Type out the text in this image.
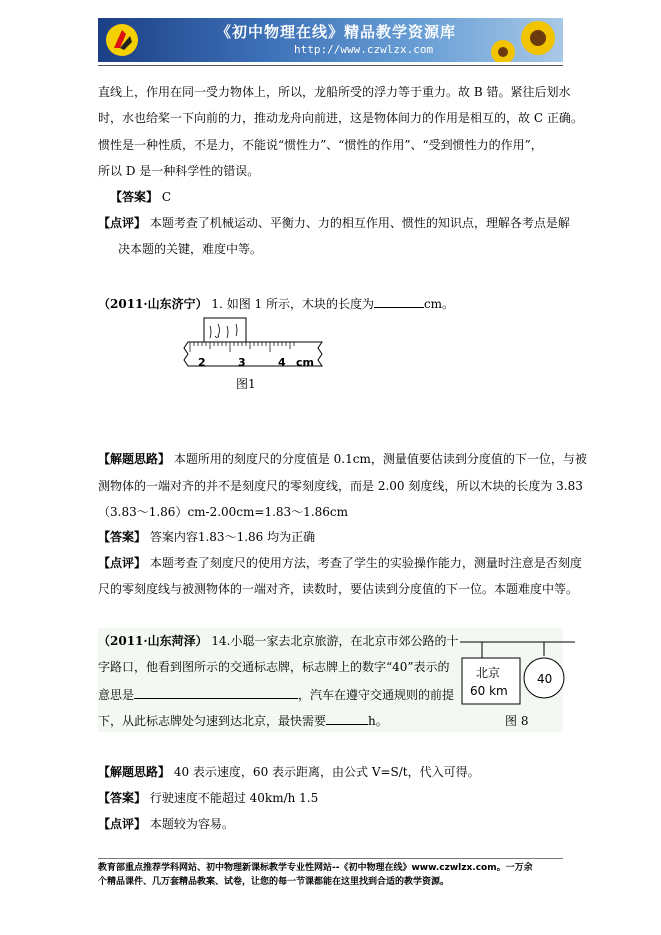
《初中物理在线》精品教学资源库
http://www.czwlzx.com
直线上，作用在同一受力物体上，所以，龙船所受的浮力等于重力。故 B 错。紧往后划水
时，水也给桨一下向前的力，推动龙舟向前进，这是物体间力的作用是相互的，故 C 正确。
惯性是一种性质，不是力，不能说“惯性力”、“惯性的作用”、“受到惯性力的作用”，
所以 D 是一种科学性的错误。
【答案】 C
【点评】 本题考查了机械运动、平衡力、力的相互作用、惯性的知识点，理解各考点是解
决本题的关键，难度中等。
（2011·山东济宁） 1. 如图 1 所示，木块的长度为	cm。
2	3	4 cm
图1
【解题思路】 本题所用的刻度尺的分度值是 0.1cm，测量值要估读到分度值的下一位，与被
测物体的一端对齐的并不是刻度尺的零刻度线，而是 2.00 刻度线，所以木块的长度为 3.83
（3.83～1.86）cm-2.00cm=1.83～1.86cm
【答案】 答案内容1.83～1.86 均为正确
【点评】 本题考查了刻度尺的使用方法，考查了学生的实验操作能力，测量时注意是否刻度
尺的零刻度线与被测物体的一端对齐，读数时，要估读到分度值的下一位。本题难度中等。
（2011·山东菏泽） 14.小聪一家去北京旅游，在北京市郊公路的十
字路口，他看到图所示的交通标志牌，标志牌上的数字“40”表示的
意思是	，汽车在遵守交通规则的前提
下，从此标志牌处匀速到达北京，最快需要	h。
北京
60 km
40
图 8
【解题思路】 40 表示速度，60 表示距离，由公式 V=S/t，代入可得。
【答案】 行驶速度不能超过 40km/h 1.5
【点评】 本题较为容易。
教育部重点推荐学科网站、初中物理新课标教学专业性网站--《初中物理在线》www.czwlzx.com。一万余
个精品课件、几万套精品教案、试卷，让您的每一节课都能在这里找到合适的教学资源。
